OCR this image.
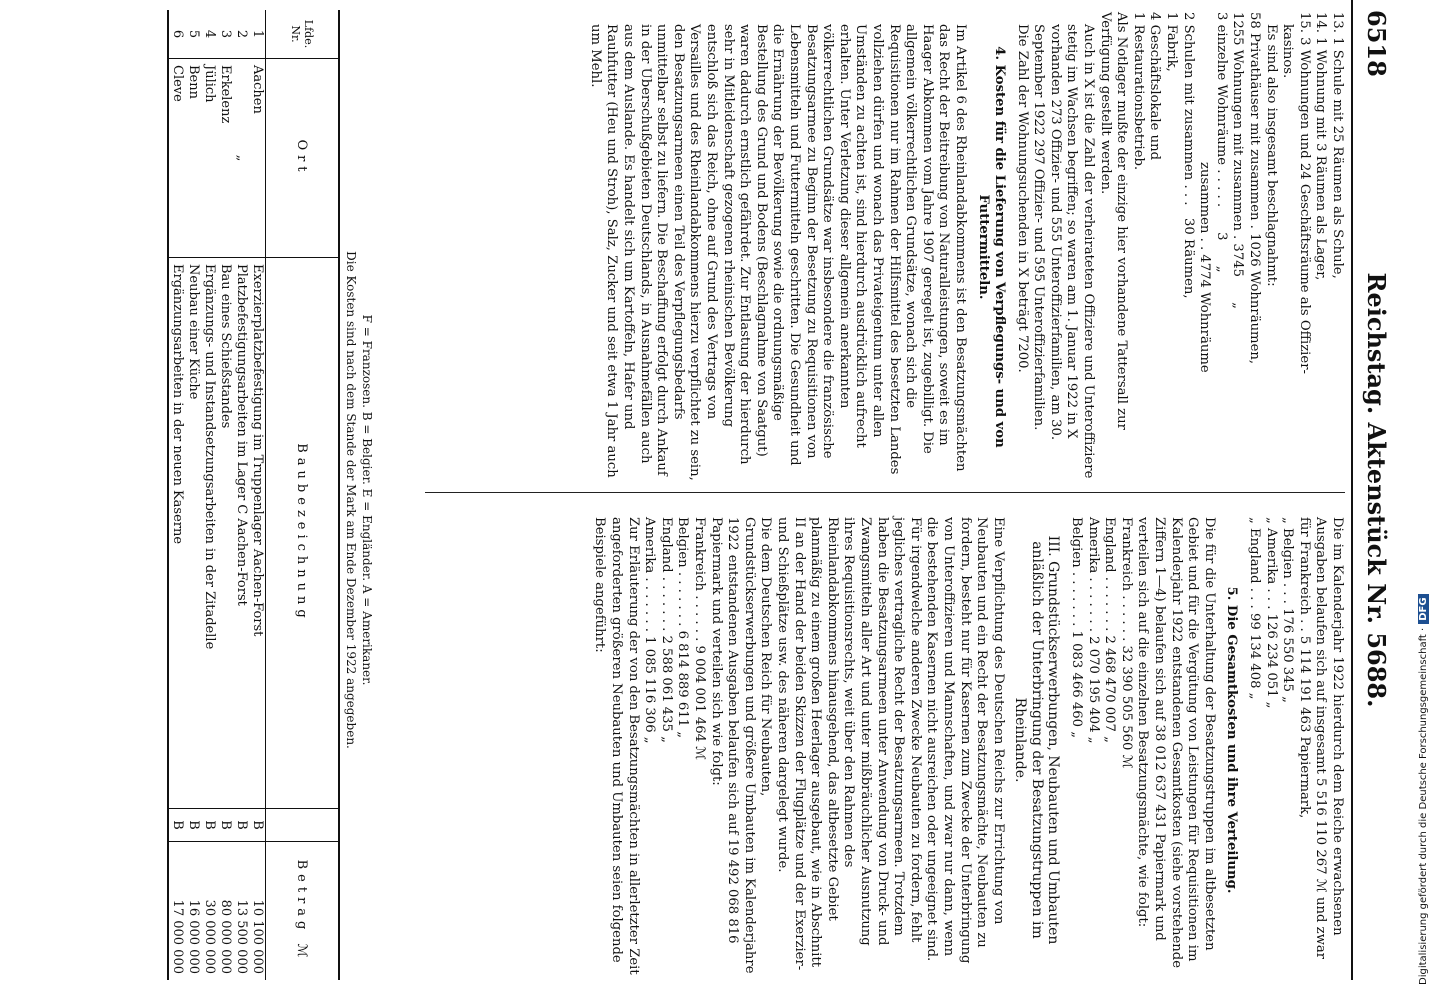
6518
Reichstag. Aktenstück Nr. 5688.
13. 1 Schule mit 25 Räumen als Schule,
14. 1 Wohnung mit 3 Räumen als Lager,
15. 3 Wohnungen und 24 Geschäftsräume als Offizier-
kasinos.

Es sind also insgesamt beschlagnahmt:

58 Privathäuser mit zusammen . 1026 Wohnräumen,
1255 Wohnungen mit zusammen . 3745      „
3 einzelne Wohnräume . . . . .      3      „
zusammen . . 4774 Wohnräume
2 Schulen mit zusammen . . .   30 Räumen,
1 Fabrik,
4 Geschäftslokale und
1 Restaurationsbetrieb.

Als Notlager mußte der einzige hier vorhandene Tattersall zur Verfügung gestellt werden.

Auch in X ist die Zahl der verheirateten Offiziere und Unteroffiziere stetig im Wachsen begriffen; so waren am 1. Januar 1922 in X vorhanden 273 Offizier- und 555 Unteroffizierfamilien, am 30. September 1922 297 Offizier- und 595 Unteroffizierfamilien.

Die Zahl der Wohnungsuchenden in X beträgt 7200.

4. Kosten für die Lieferung von Verpflegungs- und von Futtermitteln.

Im Artikel 6 des Rheinlandabkommens ist den Besatzungsmächten das Recht der Beitreibung von Naturalleistungen, soweit es im Haager Abkommen vom Jahre 1907 geregelt ist, zugebilligt. Die allgemein völkerrechtlichen Grundsätze, wonach sich die Requisitionen nur im Rahmen der Hilfsmittel des besetzten Landes vollziehen dürfen und wonach das Privateigentum unter allen Umständen zu achten ist, sind hierdurch ausdrücklich aufrecht erhalten. Unter Verletzung dieser allgemein anerkannten völkerrechtlichen Grundsätze war insbesondere die französische Besatzungsarmee zu Beginn der Besetzung zu Requisitionen von Lebensmitteln und Futtermitteln geschritten. Die Gesundheit und die Ernährung der Bevölkerung sowie die ordnungsmäßige Bestellung des Grund und Bodens (Beschlagnahme von Saatgut) waren dadurch ernstlich gefährdet. Zur Entlastung der hierdurch sehr in Mitleidenschaft gezogenen rheinischen Bevölkerung entschloß sich das Reich, ohne auf Grund des Vertrags von Versailles und des Rheinlandabkommens hierzu verpflichtet zu sein, den Besatzungsarmeen einen Teil des Verpflegungsbedarfs unmittelbar selbst zu liefern. Die Beschaffung erfolgt durch Ankauf in der Uberschußgebieten Deutschlands, in Ausnahmefällen auch aus dem Auslande. Es handelt sich um Kartoffeln, Hafer und Rauhfutter (Heu und Stroh), Salz, Zucker und seit etwa 1 Jahr auch um Mehl.

Die im Kalenderjahr 1922 hierdurch dem Reiche erwachsenen Ausgaben belaufen sich auf insgesamt 5 516 110 267 ℳ und zwar

für Frankreich . . 5 114 191 463 Papiermark,
„ Belgien . . . 176 550 345 „
„ Amerika . . . 126 234 051 „
„ England . . . 99 134 408 „

5. Die Gesamtkosten und ihre Verteilung.

Die für die Unterhaltung der Besatzungstruppen im altbesetzten Gebiet und für die Vergütung von Leistungen für Requisitionen im Kalenderjahr 1922 entstandenen Gesamtkosten (siehe vorstehende Ziffern 1—4) belaufen sich auf 38 012 637 431 Papiermark und verteilen sich auf die einzelnen Besatzungsmächte, wie folgt:

Frankreich . . . . . . 32 390 505 560 ℳ
England . . . . . . . 2 468 470 007 „
Amerika . . . . . . . 2 070 195 404 „
Belgien . . . . . . . 1 083 466 460 „

III. Grundstückserwerbungen, Neubauten und Umbauten anläßlich der Unterbringung der Besatzungstruppen im Rheinlande.

Eine Verpflichtung des Deutschen Reichs zur Errichtung von Neubauten und ein Recht der Besatzungsmächte, Neubauten zu fordern, besteht nur für Kasernen zum Zwecke der Unterbringung von Unteroffizieren und Mannschaften, und zwar nur dann, wenn die bestehenden Kasernen nicht ausreichen oder ungeeignet sind. Für irgendwelche anderen Zwecke Neubauten zu fordern, fehlt jegliches vertragliche Recht der Besatzungsarmeen. Trotzdem haben die Besatzungsarmeen unter Anwendung von Druck- und Zwangsmitteln aller Art und unter mißbräuchlicher Ausnutzung ihres Requisitionsrechts, weit über den Rahmen des Rheinlandabkommens hinausgehend, das altbesetzte Gebiet planmäßig zu einem großen Heerlager ausgebaut, wie in Abschnitt II an der Hand der beiden Skizzen der Flugplätze und der Exerzier- und Schießplätze usw. des näheren dargelegt wurde.

Die dem Deutschen Reich für Neubauten, Grundstückserwerbungen und größere Umbauten im Kalenderjahre 1922 entstandenen Ausgaben belaufen sich auf 19 492 068 816 Papiermark und verteilen sich wie folgt:

Frankreich . . . . . . 9 004 001 464 ℳ
Belgien . . . . . . . 6 814 889 611 „
England . . . . . . . 2 588 061 435 „
Amerika . . . . . . . 1 085 116 306 „

Zur Erläuterung der von den Besatzungsmächten in allerletzter Zeit angeforderten größeren Neubauten und Umbauten seien folgende Beispiele angeführt:

F = Franzosen. B = Belgier. E = Engländer. A = Amerikaner.
Die Kosten sind nach dem Stande der Mark am Ende Dezember 1922 angegeben.
Lfde. Nr.	Ort	Baubezeichnung		Betrag ℳ
1	Aachen	Exerzierplatzbefestigung im Truppenlager Aachen-Forst	B	10 100 000
2	„	Platzbefestigungsarbeiten im Lager C Aachen-Forst	B	13 500 000
3	Erkelenz	Bau eines Schießstandes	B	80 000 000
4	Jülich	Ergänzungs- und Instandsetzungsarbeiten in der Zitadelle	B	30 000 000
5	Benn	Neubau einer Küche	B	16 000 000
6	Cleve	Ergänzungsarbeiten in der neuen Kaserne	B	17 000 000	Digitalisierung gefördert durch die Deutsche Forschungsgemeinschaft ·DFG
